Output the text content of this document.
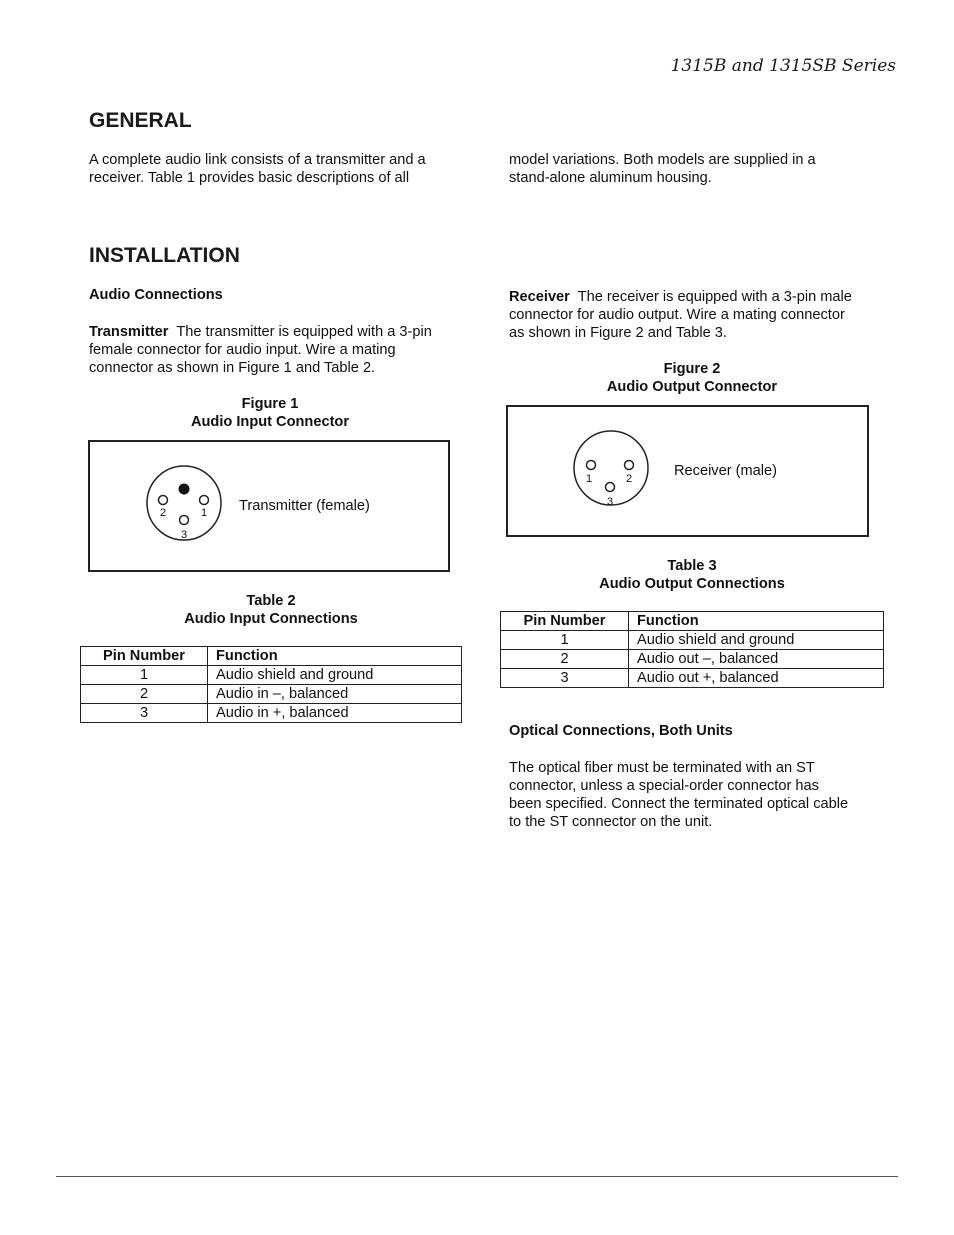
1315B and 1315SB Series
GENERAL
A complete audio link consists of a transmitter and a receiver. Table 1 provides basic descriptions of all
model variations. Both models are supplied in a stand-alone aluminum housing.
INSTALLATION
Audio Connections
Transmitter The transmitter is equipped with a 3-pin female connector for audio input. Wire a mating connector as shown in Figure 1 and Table 2.
Receiver The receiver is equipped with a 3-pin male connector for audio output. Wire a mating connector as shown in Figure 2 and Table 3.
Figure 1
Audio Input Connector
2	1
3
Transmitter (female)
Figure 2
Audio Output Connector
1	2
3
Receiver (male)
Table 2
Audio Input Connections
Pin Number	Function
1	Audio shield and ground
2	Audio in –, balanced
3	Audio in +, balanced
Table 3
Audio Output Connections
Pin Number	Function
1	Audio shield and ground
2	Audio out –, balanced
3	Audio out +, balanced
Optical Connections, Both Units
The optical fiber must be terminated with an ST connector, unless a special-order connector has been specified. Connect the terminated optical cable to the ST connector on the unit.
